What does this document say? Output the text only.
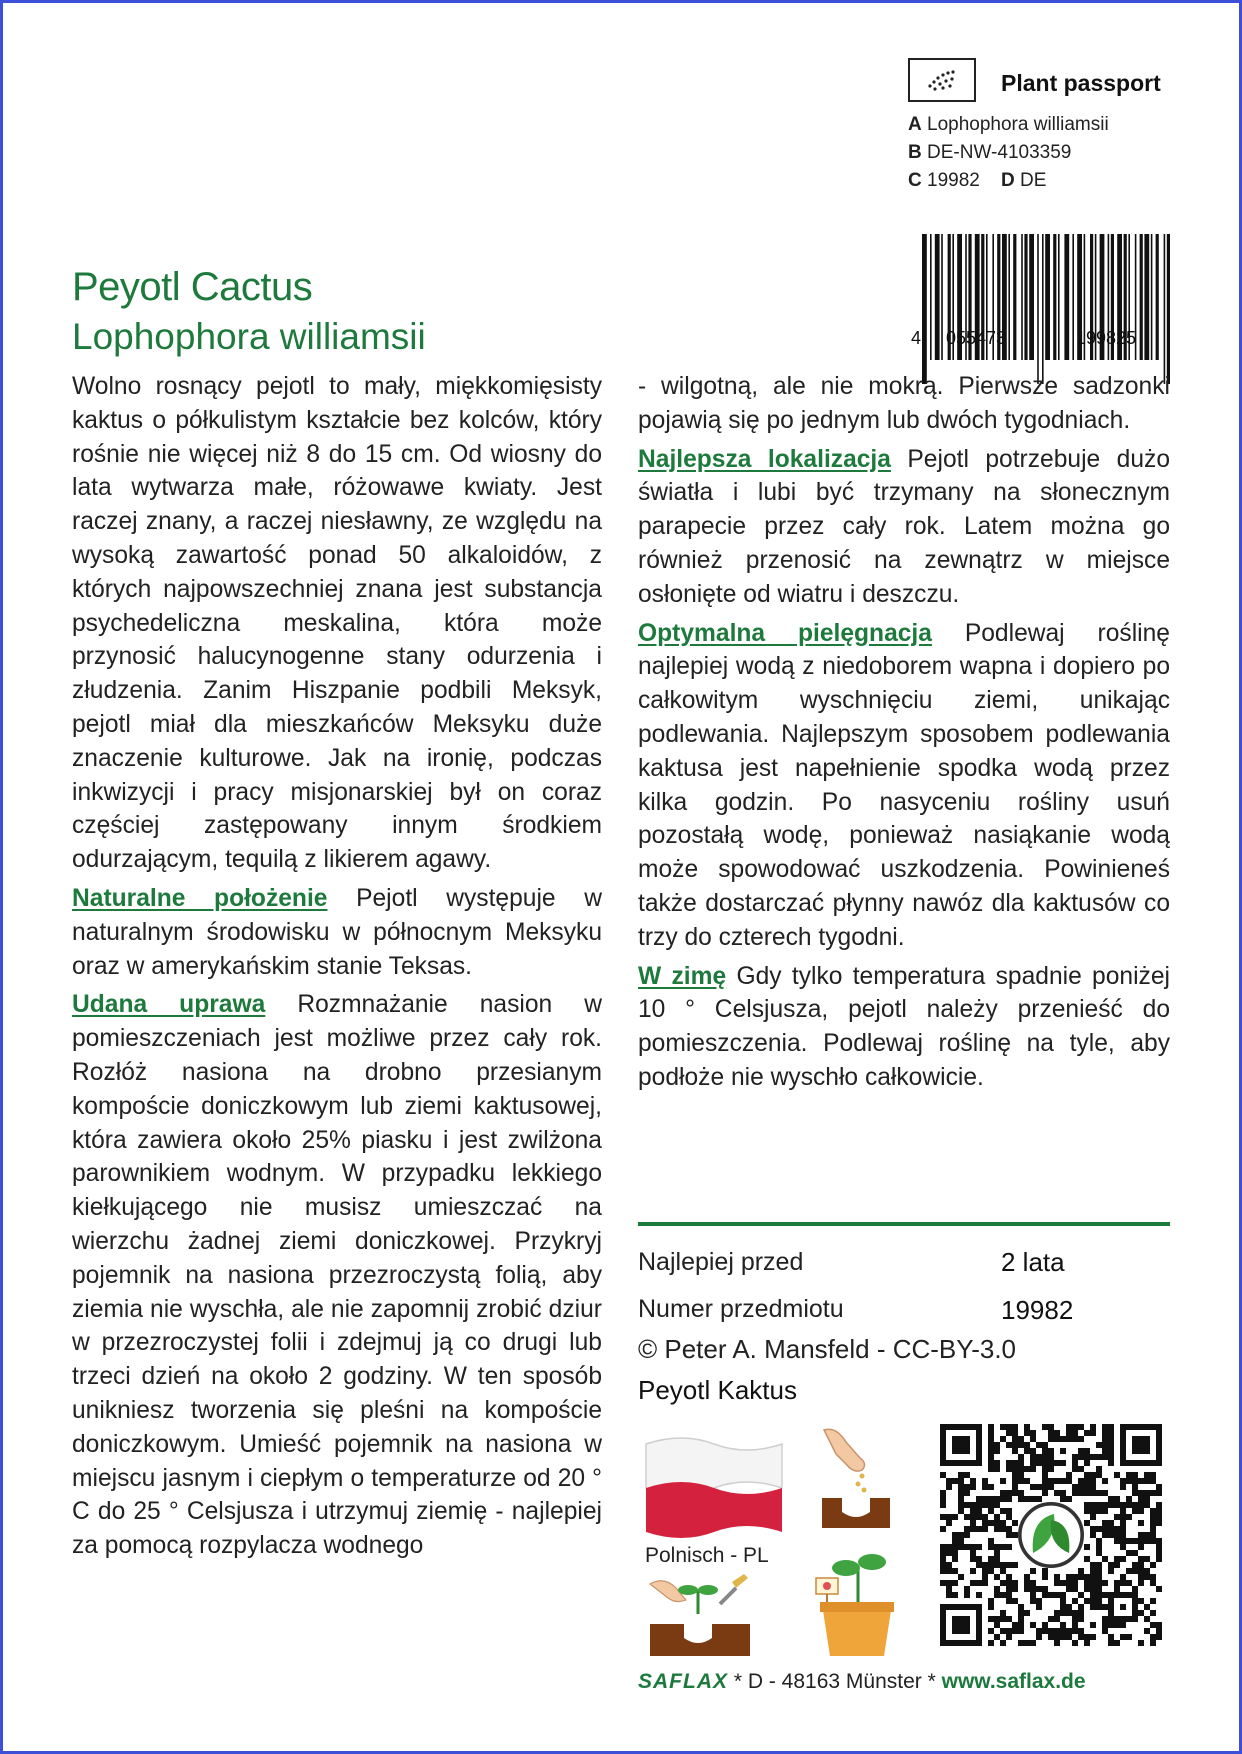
Plant passport
A Lophophora williamsii
B DE-NW-4103359
C 19982 D DE
4 055473	199825
Peyotl Cactus
Lophophora williamsii

Wolno rosnący pejotl to mały, miękkomięsisty kaktus o półkulistym kształcie bez kolców, który rośnie nie więcej niż 8 do 15 cm. Od wiosny do lata wytwarza małe, różowawe kwiaty. Jest raczej znany, a raczej niesławny, ze względu na wysoką zawartość ponad 50 alkaloidów, z których najpowszechniej znana jest substancja psychedeliczna meskalina, która może przynosić halucynogenne stany odurzenia i złudzenia. Zanim Hiszpanie podbili Meksyk, pejotl miał dla mieszkańców Meksyku duże znaczenie kulturowe. Jak na ironię, podczas inkwizycji i pracy misjonarskiej był on coraz częściej zastępowany innym środkiem odurzającym, tequilą z likierem agawy.

Naturalne położenie Pejotl występuje w naturalnym środowisku w północnym Meksyku oraz w amerykańskim stanie Teksas.

Udana uprawa Rozmnażanie nasion w pomieszczeniach jest możliwe przez cały rok. Rozłóż nasiona na drobno przesianym kompoście doniczkowym lub ziemi kaktusowej, która zawiera około 25% piasku i jest zwilżona parownikiem wodnym. W przypadku lekkiego kiełkującego nie musisz umieszczać na wierzchu żadnej ziemi doniczkowej. Przykryj pojemnik na nasiona przezroczystą folią, aby ziemia nie wyschła, ale nie zapomnij zrobić dziur w przezroczystej folii i zdejmuj ją co drugi lub trzeci dzień na około 2 godziny. W ten sposób unikniesz tworzenia się pleśni na kompoście doniczkowym. Umieść pojemnik na nasiona w miejscu jasnym i ciepłym o temperaturze od 20 ° C do 25 ° Celsjusza i utrzymuj ziemię - najlepiej za pomocą rozpylacza wodnego

- wilgotną, ale nie mokrą. Pierwsze sadzonki pojawią się po jednym lub dwóch tygodniach.

Najlepsza lokalizacja Pejotl potrzebuje dużo światła i lubi być trzymany na słonecznym parapecie przez cały rok. Latem można go również przenosić na zewnątrz w miejsce osłonięte od wiatru i deszczu.

Optymalna pielęgnacja Podlewaj roślinę najlepiej wodą z niedoborem wapna i dopiero po całkowitym wyschnięciu ziemi, unikając podlewania. Najlepszym sposobem podlewania kaktusa jest napełnienie spodka wodą przez kilka godzin. Po nasyceniu rośliny usuń pozostałą wodę, ponieważ nasiąkanie wodą może spowodować uszkodzenia. Powinieneś także dostarczać płynny nawóz dla kaktusów co trzy do czterech tygodni.

W zimę Gdy tylko temperatura spadnie poniżej 10 ° Celsjusza, pejotl należy przenieść do pomieszczenia. Podlewaj roślinę na tyle, aby podłoże nie wyschło całkowicie.

Najlepiej przed	2 lata
Numer przedmiotu	19982
© Peter A. Mansfeld - CC-BY-3.0
Peyotl Kaktus
Polnisch - PL
SAFLAX * D - 48163 Münster * www.saflax.de
